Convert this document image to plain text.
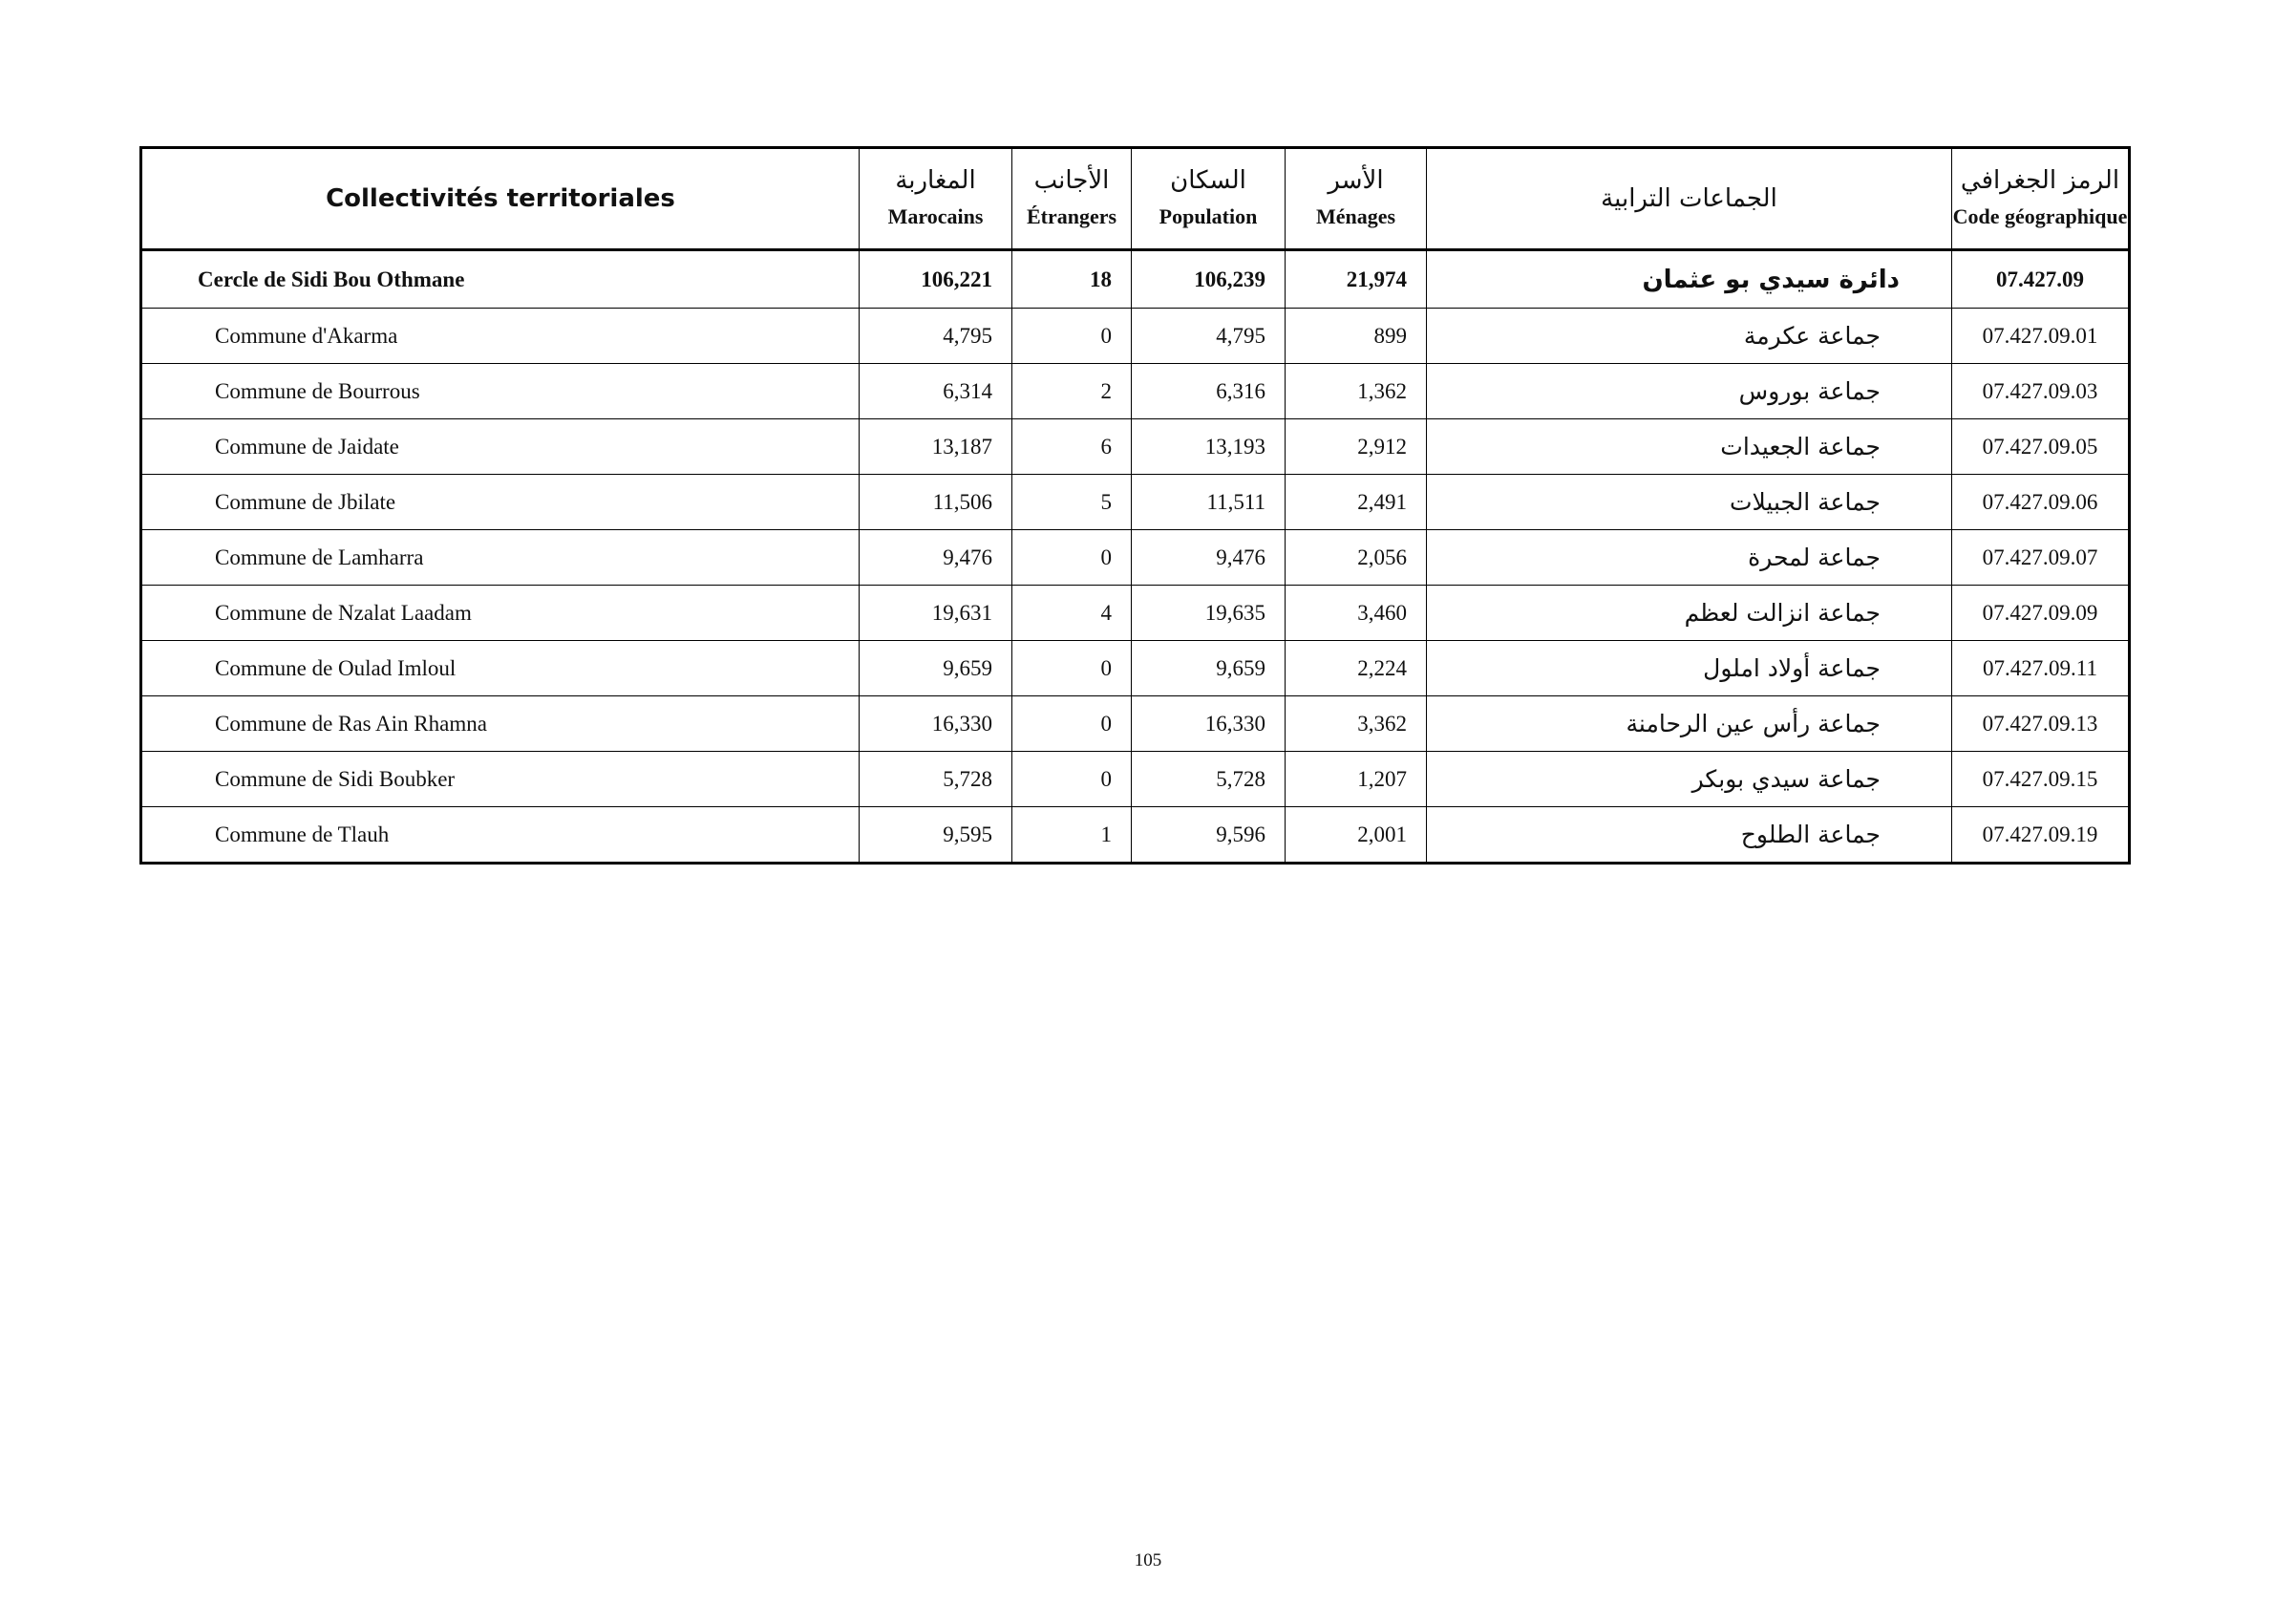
Collectivités territoriales	المغاربة	الأجانب	السكان	الأسر	الجماعات الترابية	الرمز الجغرافي
	Marocains	Étrangers	Population	Ménages		Code géographique
Cercle de Sidi Bou Othmane	106,221	18	106,239	21,974	دائرة سيدي بو عثمان	07.427.09
Commune d'Akarma	4,795	0	4,795	899	جماعة عكرمة	07.427.09.01
Commune de Bourrous	6,314	2	6,316	1,362	جماعة بوروس	07.427.09.03
Commune de Jaidate	13,187	6	13,193	2,912	جماعة الجعيدات	07.427.09.05
Commune de Jbilate	11,506	5	11,511	2,491	جماعة الجبيلات	07.427.09.06
Commune de Lamharra	9,476	0	9,476	2,056	جماعة لمحرة	07.427.09.07
Commune de Nzalat Laadam	19,631	4	19,635	3,460	جماعة انزالت لعظم	07.427.09.09
Commune de Oulad Imloul	9,659	0	9,659	2,224	جماعة أولاد املول	07.427.09.11
Commune de Ras Ain Rhamna	16,330	0	16,330	3,362	جماعة رأس عين الرحامنة	07.427.09.13
Commune de Sidi Boubker	5,728	0	5,728	1,207	جماعة سيدي بوبكر	07.427.09.15
Commune de Tlauh	9,595	1	9,596	2,001	جماعة الطلوح	07.427.09.19
105
